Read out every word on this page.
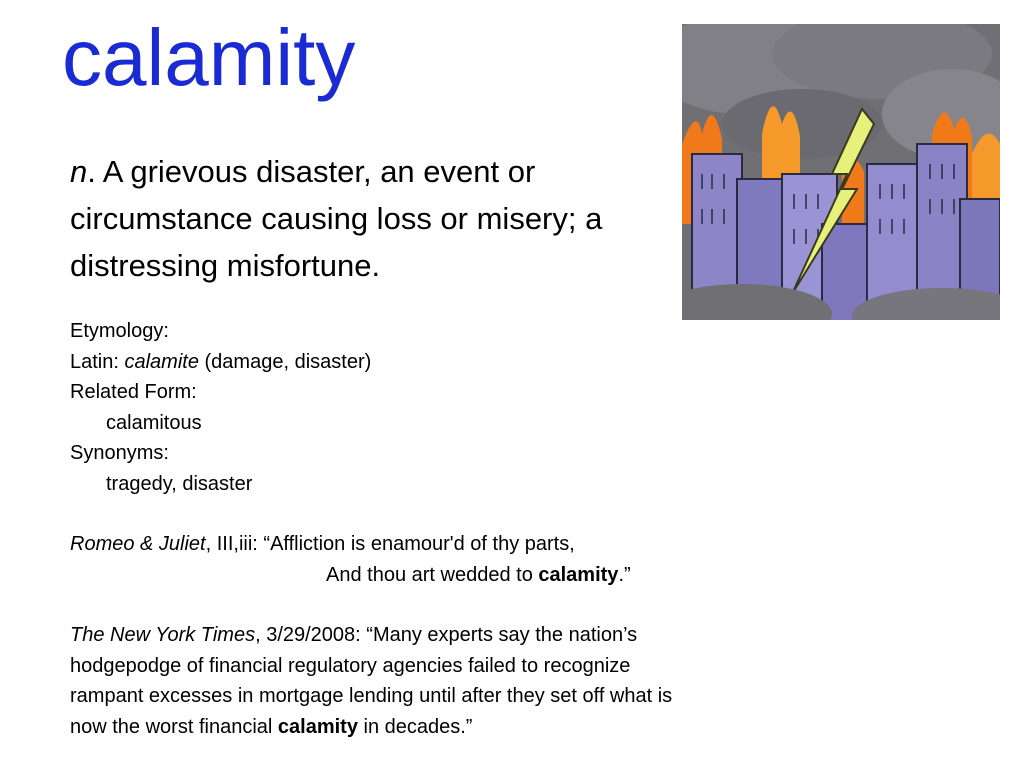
calamity
n. A grievous disaster, an event or circumstance causing loss or misery; a distressing misfortune.
Etymology:
Latin: calamite (damage, disaster)
Related Form:
calamitous
Synonyms:
tragedy, disaster
Romeo & Juliet, III,iii: “Affliction is enamour'd of thy parts,
And thou art wedded to calamity.”
The New York Times, 3/29/2008: “Many experts say the nation’s
hodgepodge of financial regulatory agencies failed to recognize
rampant excesses in mortgage lending until after they set off what is
now the worst financial calamity in decades.”
